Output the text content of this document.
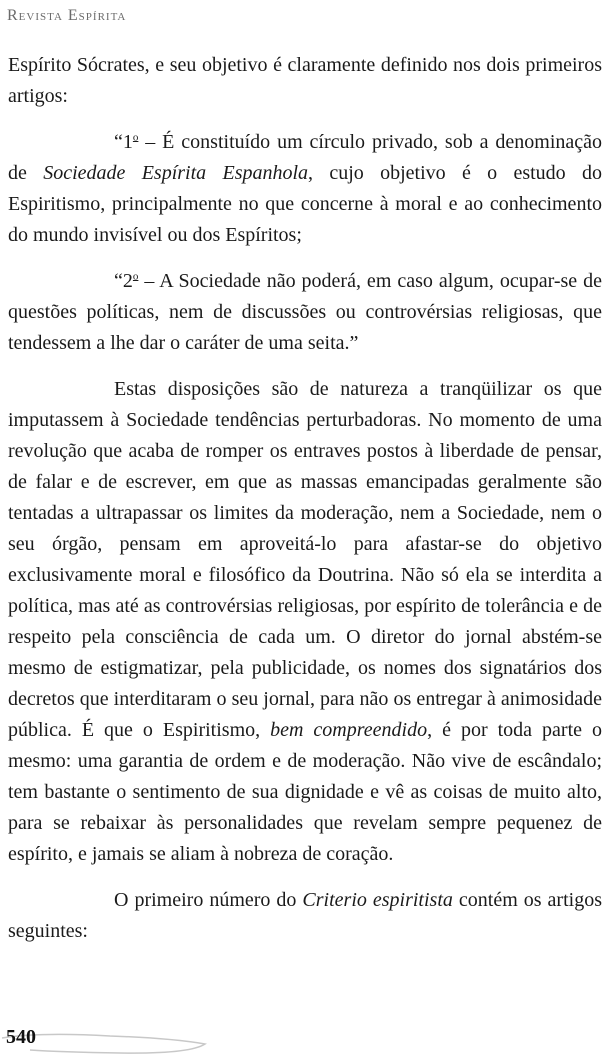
Revista Espírita

Espírito Sócrates, e seu objetivo é claramente definido nos dois primeiros artigos:

“1$^o$ – É constituído um círculo privado, sob a denominação de Sociedade Espírita Espanhola, cujo objetivo é o estudo do Espiritismo, principalmente no que concerne à moral e ao conhecimento do mundo invisível ou dos Espíritos;

“2$^o$ – A Sociedade não poderá, em caso algum, ocupar-se de questões políticas, nem de discussões ou controvérsias religiosas, que tendessem a lhe dar o caráter de uma seita.”

Estas disposições são de natureza a tranqüilizar os que imputassem à Sociedade tendências perturbadoras. No momento de uma revolução que acaba de romper os entraves postos à liberdade de pensar, de falar e de escrever, em que as massas emancipadas geralmente são tentadas a ultrapassar os limites da moderação, nem a Sociedade, nem o seu órgão, pensam em aproveitá-lo para afastar-se do objetivo exclusivamente moral e filosófico da Doutrina. Não só ela se interdita a política, mas até as controvérsias religiosas, por espírito de tolerância e de respeito pela consciência de cada um. O diretor do jornal abstém-se mesmo de estigmatizar, pela publicidade, os nomes dos signatários dos decretos que interditaram o seu jornal, para não os entregar à animosidade pública. É que o Espiritismo, bem compreendido, é por toda parte o mesmo: uma garantia de ordem e de moderação. Não vive de escândalo; tem bastante o sentimento de sua dignidade e vê as coisas de muito alto, para se rebaixar às personalidades que revelam sempre pequenez de espírito, e jamais se aliam à nobreza de coração.

O primeiro número do Criterio espiritista contém os artigos seguintes:

540
